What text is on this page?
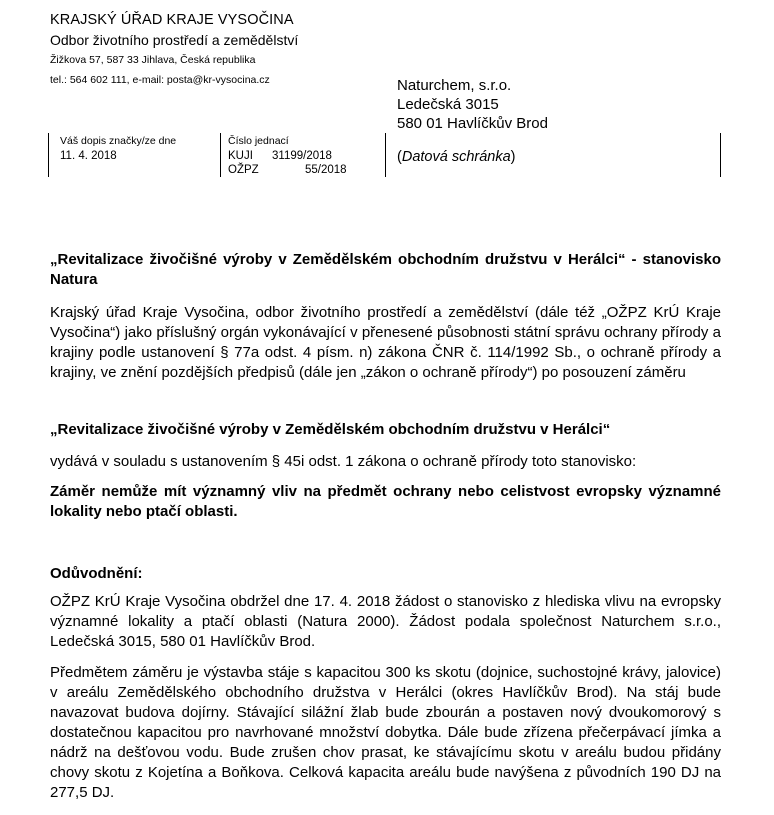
KRAJSKÝ ÚŘAD KRAJE VYSOČINA
Odbor životního prostředí a zemědělství
Žižkova 57, 587 33 Jihlava, Česká republika
tel.: 564 602 111, e-mail: posta@kr-vysocina.cz	Naturchem, s.r.o.
Ledečská 3015
580 01 Havlíčkův Brod
Váš dopis značky/ze dne
11. 4. 2018
Číslo jednací
KUJI 31199/2018
OŽPZ	55/2018
(Datová schránka)
„Revitalizace živočišné výroby v Zemědělském obchodním družstvu v Herálci“ - stanovisko Natura
Krajský úřad Kraje Vysočina, odbor životního prostředí a zemědělství (dále též „OŽPZ KrÚ Kraje Vysočina“) jako příslušný orgán vykonávající v přenesené působnosti státní správu ochrany přírody a krajiny podle ustanovení § 77a odst. 4 písm. n) zákona ČNR č. 114/1992 Sb., o ochraně přírody a krajiny, ve znění pozdějších předpisů (dále jen „zákon o ochraně přírody“) po posouzení záměru
„Revitalizace živočišné výroby v Zemědělském obchodním družstvu v Herálci“
vydává v souladu s ustanovením § 45i odst. 1 zákona o ochraně přírody toto stanovisko:
Záměr nemůže mít významný vliv na předmět ochrany nebo celistvost evropsky významné lokality nebo ptačí oblasti.
Odůvodnění:
OŽPZ KrÚ Kraje Vysočina obdržel dne 17. 4. 2018 žádost o stanovisko z hlediska vlivu na evropsky významné lokality a ptačí oblasti (Natura 2000). Žádost podala společnost Naturchem s.r.o., Ledečská 3015, 580 01 Havlíčkův Brod.
Předmětem záměru je výstavba stáje s kapacitou 300 ks skotu (dojnice, suchostojné krávy, jalovice) v areálu Zemědělského obchodního družstva v Herálci (okres Havlíčkův Brod). Na stáj bude navazovat budova dojírny. Stávající silážní žlab bude zbourán a postaven nový dvoukomorový s dostatečnou kapacitou pro navrhované množství dobytka. Dále bude zřízena přečerpávací jímka a nádrž na dešťovou vodu. Bude zrušen chov prasat, ke stávajícímu skotu v areálu budou přidány chovy skotu z Kojetína a Boňkova. Celková kapacita areálu bude navýšena z původních 190 DJ na 277,5 DJ.
